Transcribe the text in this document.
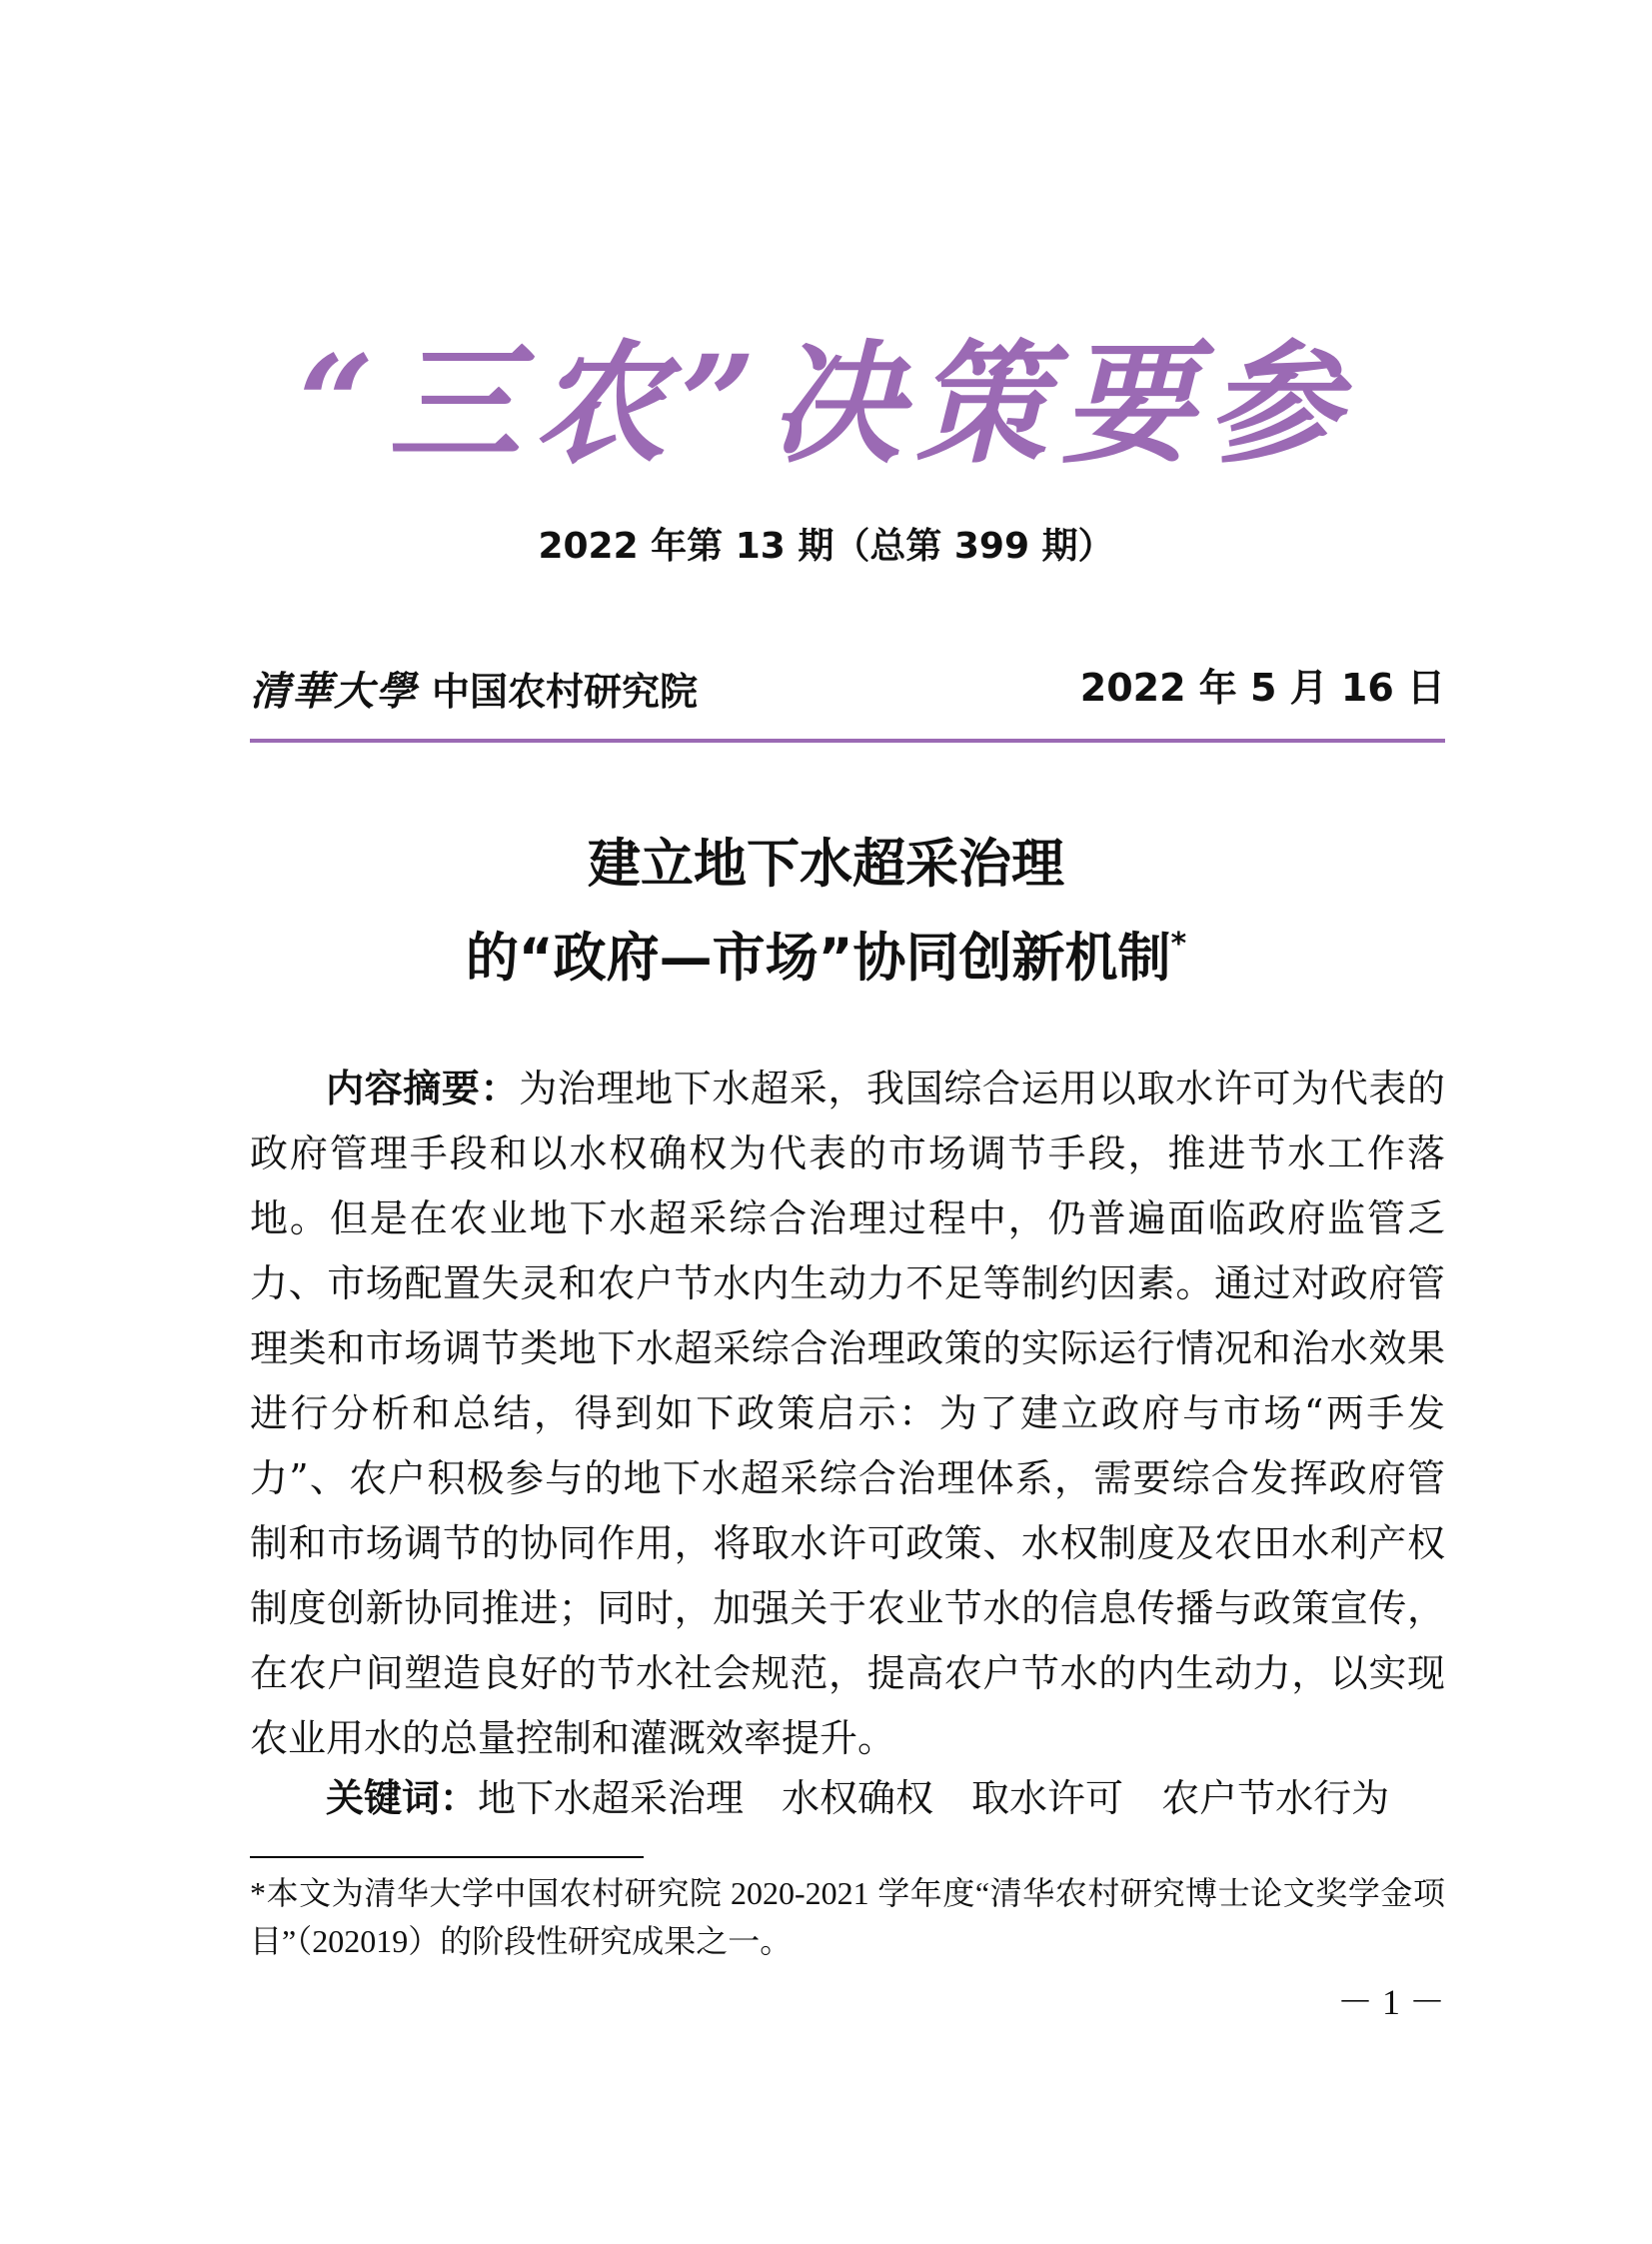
“三农”决策要参
2022 年第 13 期（总第 399 期）
清華大學 中国农村研究院	2022 年 5 月 16 日
建立地下水超采治理
的“政府—市场”协同创新机制*

内容摘要：为治理地下水超采，我国综合运用以取水许可为代表的政府管理手段和以水权确权为代表的市场调节手段，推进节水工作落地。但是在农业地下水超采综合治理过程中，仍普遍面临政府监管乏力、市场配置失灵和农户节水内生动力不足等制约因素。通过对政府管理类和市场调节类地下水超采综合治理政策的实际运行情况和治水效果进行分析和总结，得到如下政策启示：为了建立政府与市场“两手发力”、农户积极参与的地下水超采综合治理体系，需要综合发挥政府管制和市场调节的协同作用，将取水许可政策、水权制度及农田水利产权制度创新协同推进；同时，加强关于农业节水的信息传播与政策宣传，在农户间塑造良好的节水社会规范，提高农户节水的内生动力，以实现农业用水的总量控制和灌溉效率提升。

关键词：地下水超采治理 水权确权 取水许可 农户节水行为

*本文为清华大学中国农村研究院 2020-2021 学年度“清华农村研究博士论文奖学金项目”（202019）的阶段性研究成果之一。

－ 1 －
